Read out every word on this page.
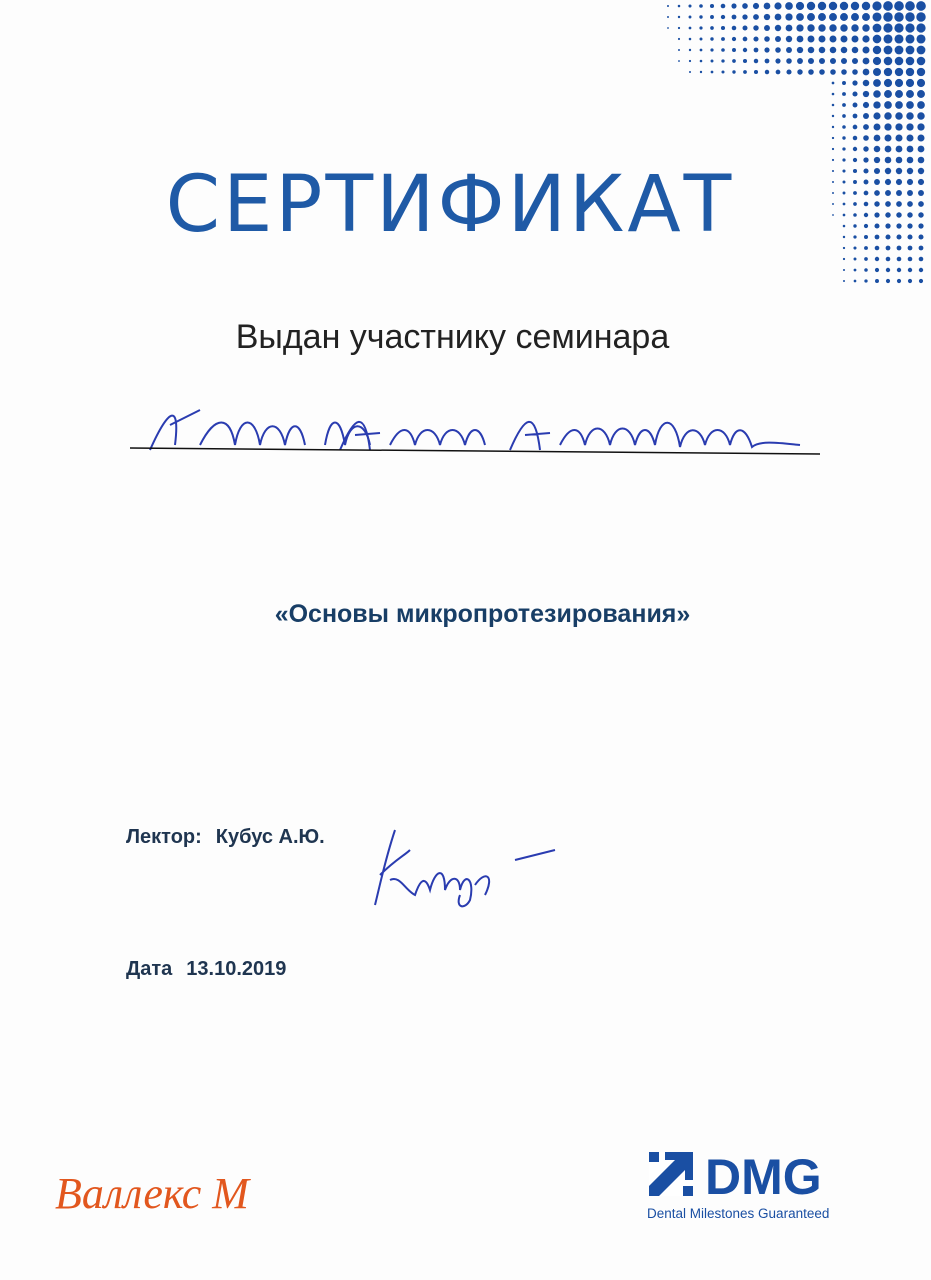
СЕРТИФИКАТ
Выдан участнику семинара
«Основы микропротезирования»
Лектор: Кубус А.Ю.
Дата 13.10.2019
Валлекс М	DMG
Dental Milestones Guaranteed
